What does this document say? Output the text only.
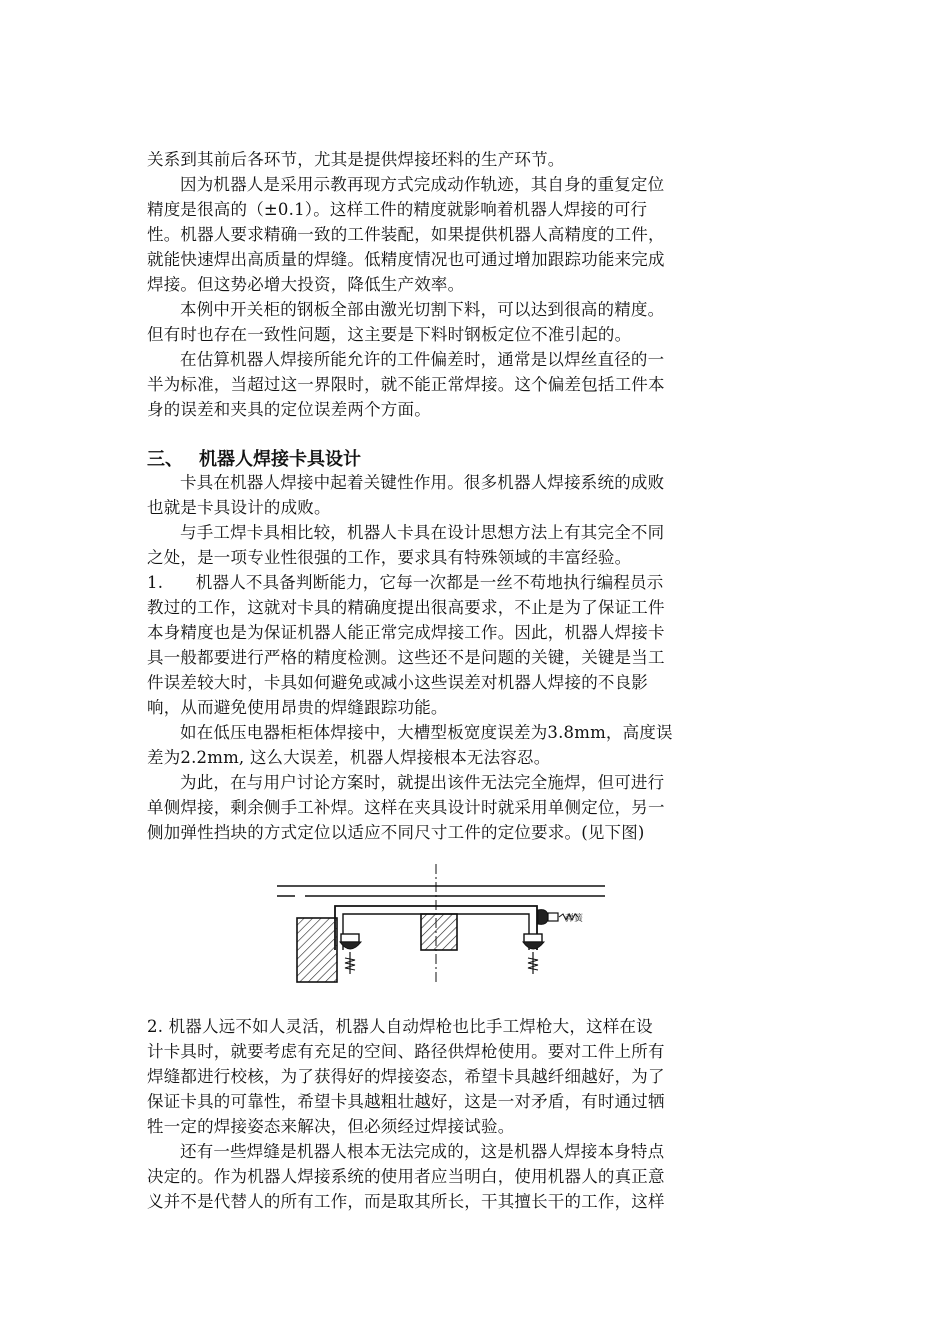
关系到其前后各环节，尤其是提供焊接坯料的生产环节。
因为机器人是采用示教再现方式完成动作轨迹，其自身的重复定位
精度是很高的（±0.1）。这样工件的精度就影响着机器人焊接的可行
性。机器人要求精确一致的工件装配，如果提供机器人高精度的工件，
就能快速焊出高质量的焊缝。低精度情况也可通过增加跟踪功能来完成
焊接。但这势必增大投资，降低生产效率。
本例中开关柜的钢板全部由激光切割下料，可以达到很高的精度。
但有时也存在一致性问题，这主要是下料时钢板定位不准引起的。
在估算机器人焊接所能允许的工件偏差时，通常是以焊丝直径的一
半为标准，当超过这一界限时，就不能正常焊接。这个偏差包括工件本
身的误差和夹具的定位误差两个方面。
三、 机器人焊接卡具设计
卡具在机器人焊接中起着关键性作用。很多机器人焊接系统的成败
也就是卡具设计的成败。
与手工焊卡具相比较，机器人卡具在设计思想方法上有其完全不同
之处，是一项专业性很强的工作，要求具有特殊领域的丰富经验。
1.      机器人不具备判断能力，它每一次都是一丝不苟地执行编程员示
教过的工作，这就对卡具的精确度提出很高要求，不止是为了保证工件
本身精度也是为保证机器人能正常完成焊接工作。因此，机器人焊接卡
具一般都要进行严格的精度检测。这些还不是问题的关键，关键是当工
件误差较大时，卡具如何避免或减小这些误差对机器人焊接的不良影
响，从而避免使用昂贵的焊缝跟踪功能。
如在低压电器柜柜体焊接中，大槽型板宽度误差为3.8mm，高度误
差为2.2mm, 这么大误差，机器人焊接根本无法容忍。
为此，在与用户讨论方案时，就提出该件无法完全施焊，但可进行
单侧焊接，剩余侧手工补焊。这样在夹具设计时就采用单侧定位，另一
侧加弹性挡块的方式定位以适应不同尺寸工件的定位要求。(见下图)
弹簧
2. 机器人远不如人灵活，机器人自动焊枪也比手工焊枪大，这样在设
计卡具时，就要考虑有充足的空间、路径供焊枪使用。要对工件上所有
焊缝都进行校核，为了获得好的焊接姿态，希望卡具越纤细越好，为了
保证卡具的可靠性，希望卡具越粗壮越好，这是一对矛盾，有时通过牺
牲一定的焊接姿态来解决，但必须经过焊接试验。
还有一些焊缝是机器人根本无法完成的，这是机器人焊接本身特点
决定的。作为机器人焊接系统的使用者应当明白，使用机器人的真正意
义并不是代替人的所有工作，而是取其所长，干其擅长干的工作，这样
